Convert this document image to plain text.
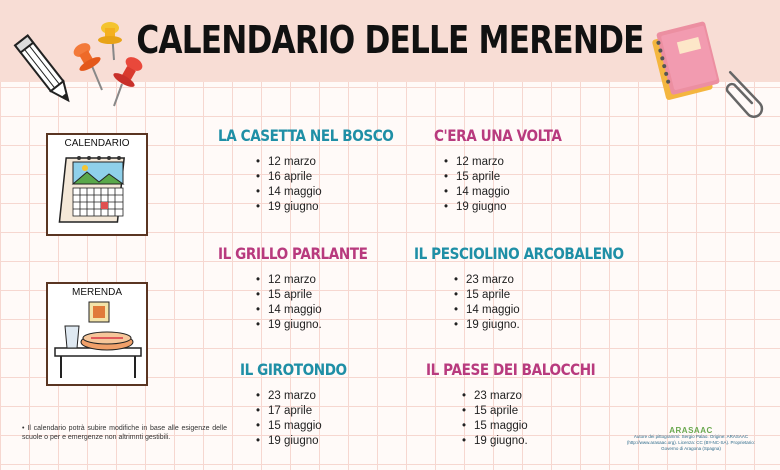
CALENDARIO DELLE MERENDE
CALENDARIO
MERENDA
LA CASETTA NEL BOSCO
• 12 marzo
• 16 aprile
• 14 maggio
• 19 giugno
C'ERA UNA VOLTA
• 12 marzo
• 15 aprile
• 14 maggio
• 19 giugno
IL GRILLO PARLANTE
• 12 marzo
• 15 aprile
• 14 maggio
• 19 giugno.
IL PESCIOLINO ARCOBALENO
• 23 marzo
• 15 aprile
• 14 maggio
• 19 giugno.
IL GIROTONDO
• 23 marzo
• 17 aprile
• 15 maggio
• 19 giugno
IL PAESE DEI BALOCCHI
• 23 marzo
• 15 aprile
• 15 maggio
• 19 giugno.
• Il calendario potrà subire modifiche in base alle esigenze delle scuole o per e emergenze non altrimnti gestibili.
ARASAAC
Autore dei pittogrammi: Sergio Palao. Origine: ARASAAC (http://www.arasaac.org). Licenza: CC (BY-NC-SA). Proprietario: Governo di Aragona (Spagna)
